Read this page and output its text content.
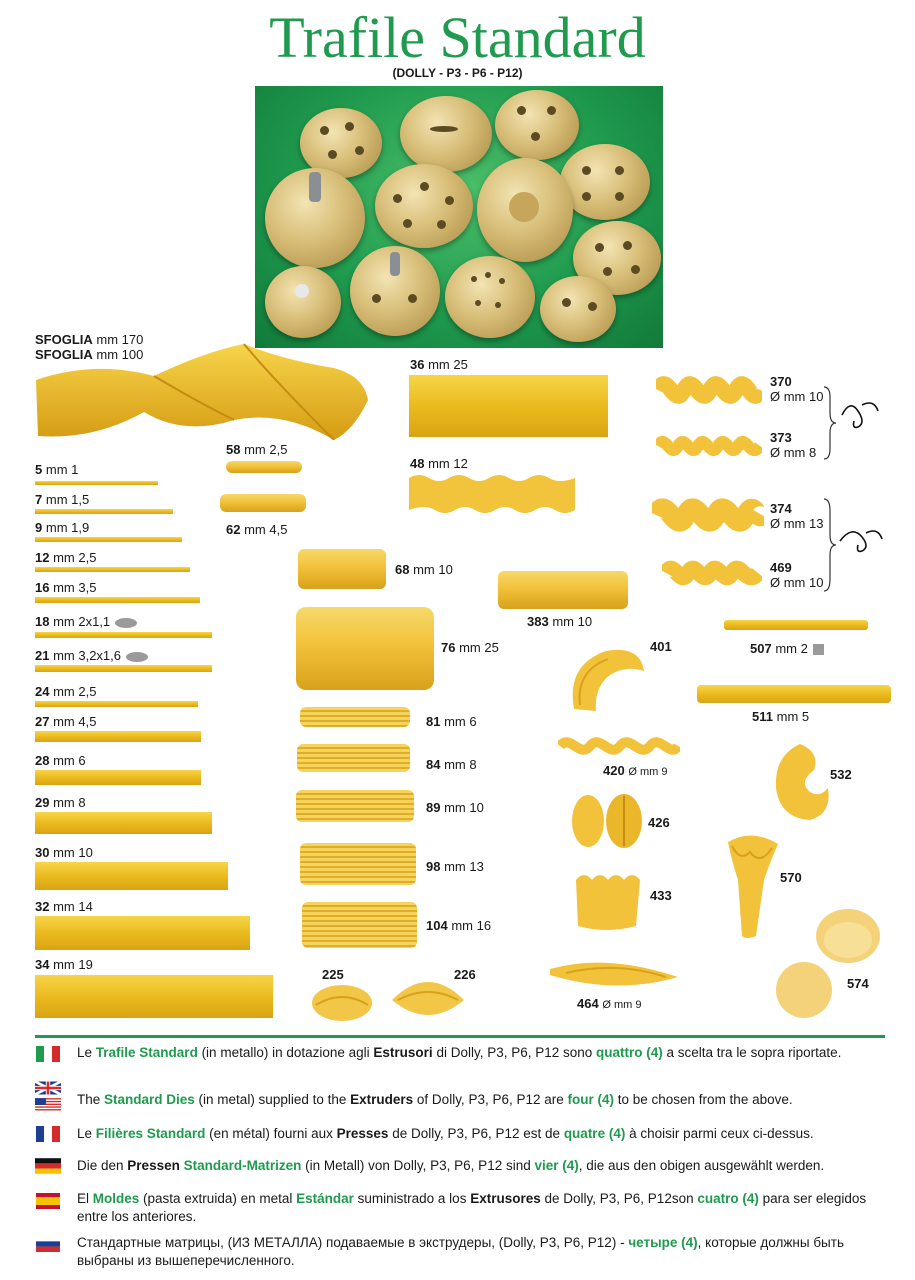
Trafile Standard
(DOLLY - P3 - P6 - P12)
SFOGLIA mm 170
SFOGLIA mm 100
5 mm 1
7 mm 1,5
9 mm 1,9
12 mm 2,5
16 mm 3,5
18 mm 2x1,1
21 mm 3,2x1,6
24 mm 2,5
27 mm 4,5
28 mm 6
29 mm 8
30 mm 10
32 mm 14
34 mm 19
58 mm 2,5
62 mm 4,5
36 mm 25
48 mm 12
68 mm 10
383 mm 10
76 mm 25
81 mm 6
84 mm 8
89 mm 10
98 mm 13
104 mm 16
225	226
370
Ø mm 10
373
Ø mm 8
374
Ø mm 13
469
Ø mm 10
507 mm 2
401
511 mm 5
420 Ø mm 9	532
426
570
433
464 Ø mm 9
574
Le Trafile Standard (in metallo) in dotazione agli Estrusori di Dolly, P3, P6, P12 sono quattro (4) a scelta tra le sopra riportate.
The Standard Dies (in metal) supplied to the Extruders of Dolly, P3, P6, P12 are four (4) to be chosen from the above.
Le Filières Standard (en métal) fourni aux Presses de Dolly, P3, P6, P12 est de quatre (4) à choisir parmi ceux ci-dessus.
Die den Pressen Standard-Matrizen (in Metall) von Dolly, P3, P6, P12 sind vier (4), die aus den obigen ausgewählt werden.
El Moldes (pasta extruida) en metal Estándar suministrado a los Extrusores de Dolly, P3, P6, P12son cuatro (4) para ser elegidos entre los anteriores.
Стандартные матрицы, (ИЗ МЕТАЛЛА) подаваемые в экструдеры, (Dolly, P3, P6, P12) - четыре (4), которые должны быть выбраны из вышеперечисленного.
